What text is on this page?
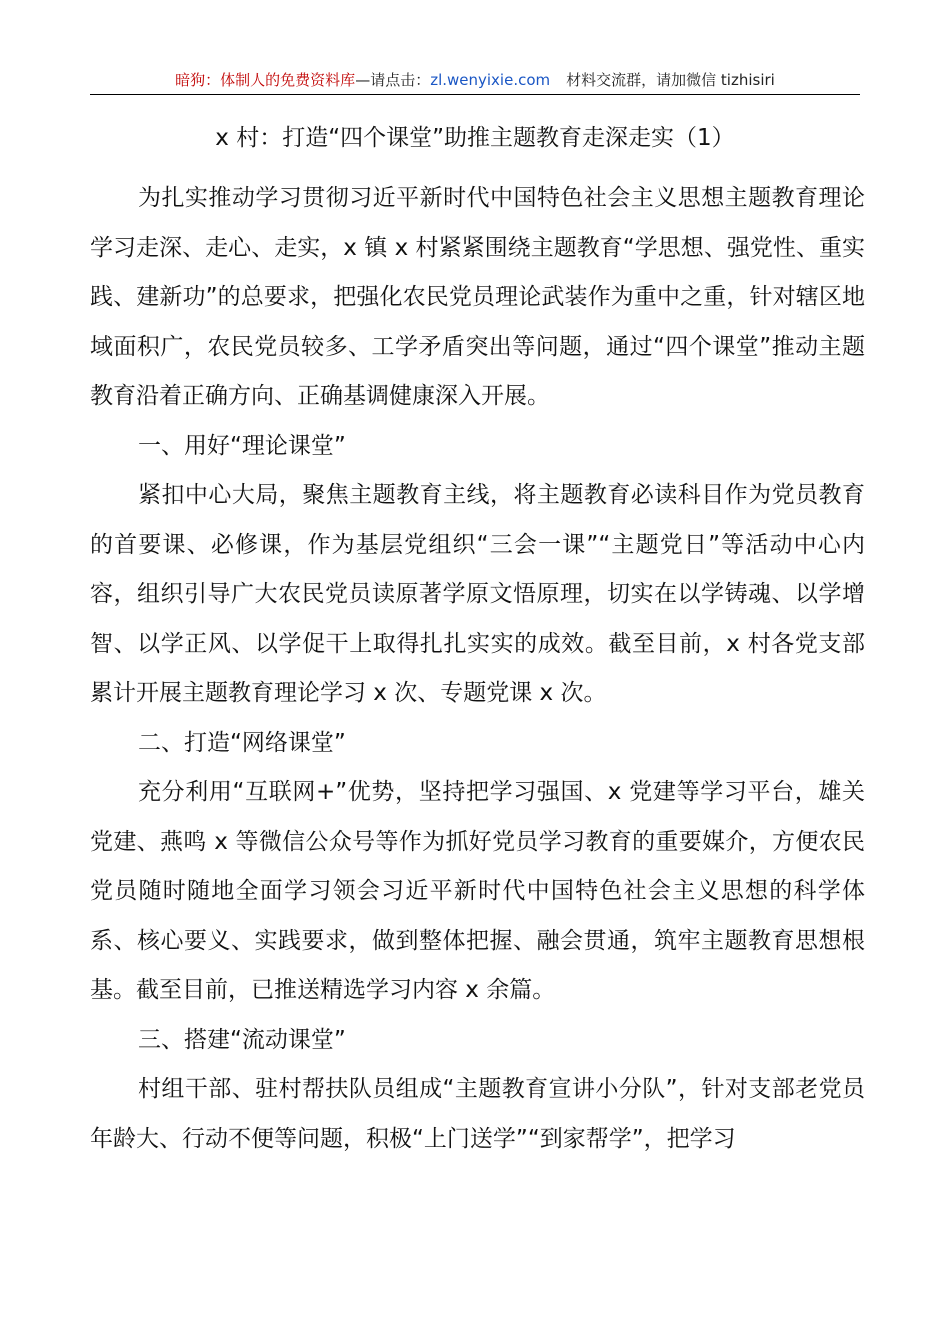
暗狗：体制人的免费资料库—请点击：zl.wenyixie.com 材料交流群，请加微信 tizhisiri
x 村：打造“四个课堂”助推主题教育走深走实（1）

为扎实推动学习贯彻习近平新时代中国特色社会主义思想主题教育理论学习走深、走心、走实，x 镇 x 村紧紧围绕主题教育“学思想、强党性、重实践、建新功”的总要求，把强化农民党员理论武装作为重中之重，针对辖区地域面积广，农民党员较多、工学矛盾突出等问题，通过“四个课堂”推动主题教育沿着正确方向、正确基调健康深入开展。

一、用好“理论课堂”

紧扣中心大局，聚焦主题教育主线，将主题教育必读科目作为党员教育的首要课、必修课，作为基层党组织“三会一课”“主题党日”等活动中心内容，组织引导广大农民党员读原著学原文悟原理，切实在以学铸魂、以学增智、以学正风、以学促干上取得扎扎实实的成效。截至目前，x 村各党支部累计开展主题教育理论学习 x 次、专题党课 x 次。

二、打造“网络课堂”

充分利用“互联网+”优势，坚持把学习强国、x 党建等学习平台，雄关党建、燕鸣 x 等微信公众号等作为抓好党员学习教育的重要媒介，方便农民党员随时随地全面学习领会习近平新时代中国特色社会主义思想的科学体系、核心要义、实践要求，做到整体把握、融会贯通，筑牢主题教育思想根基。截至目前，已推送精选学习内容 x 余篇。

三、搭建“流动课堂”

村组干部、驻村帮扶队员组成“主题教育宣讲小分队”，针对支部老党员年龄大、行动不便等问题，积极“上门送学”“到家帮学”，把学习
